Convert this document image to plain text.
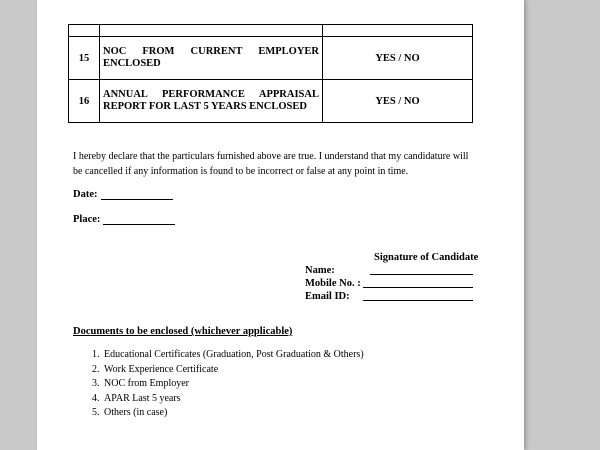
15	NOC FROM CURRENT EMPLOYER ENCLOSED	YES / NO
16	ANNUAL PERFORMANCE APPRAISAL REPORT FOR LAST 5 YEARS ENCLOSED	YES / NO

I hereby declare that the particulars furnished above are true. I understand that my candidature will be cancelled if any information is found to be incorrect or false at any point in time.

Date:
Place:
Signature of Candidate
Name:
Mobile No. :
Email ID:
Documents to be enclosed (whichever applicable)
1. Educational Certificates (Graduation, Post Graduation & Others)
2. Work Experience Certificate
3. NOC from Employer
4. APAR Last 5 years
5. Others (in case)
